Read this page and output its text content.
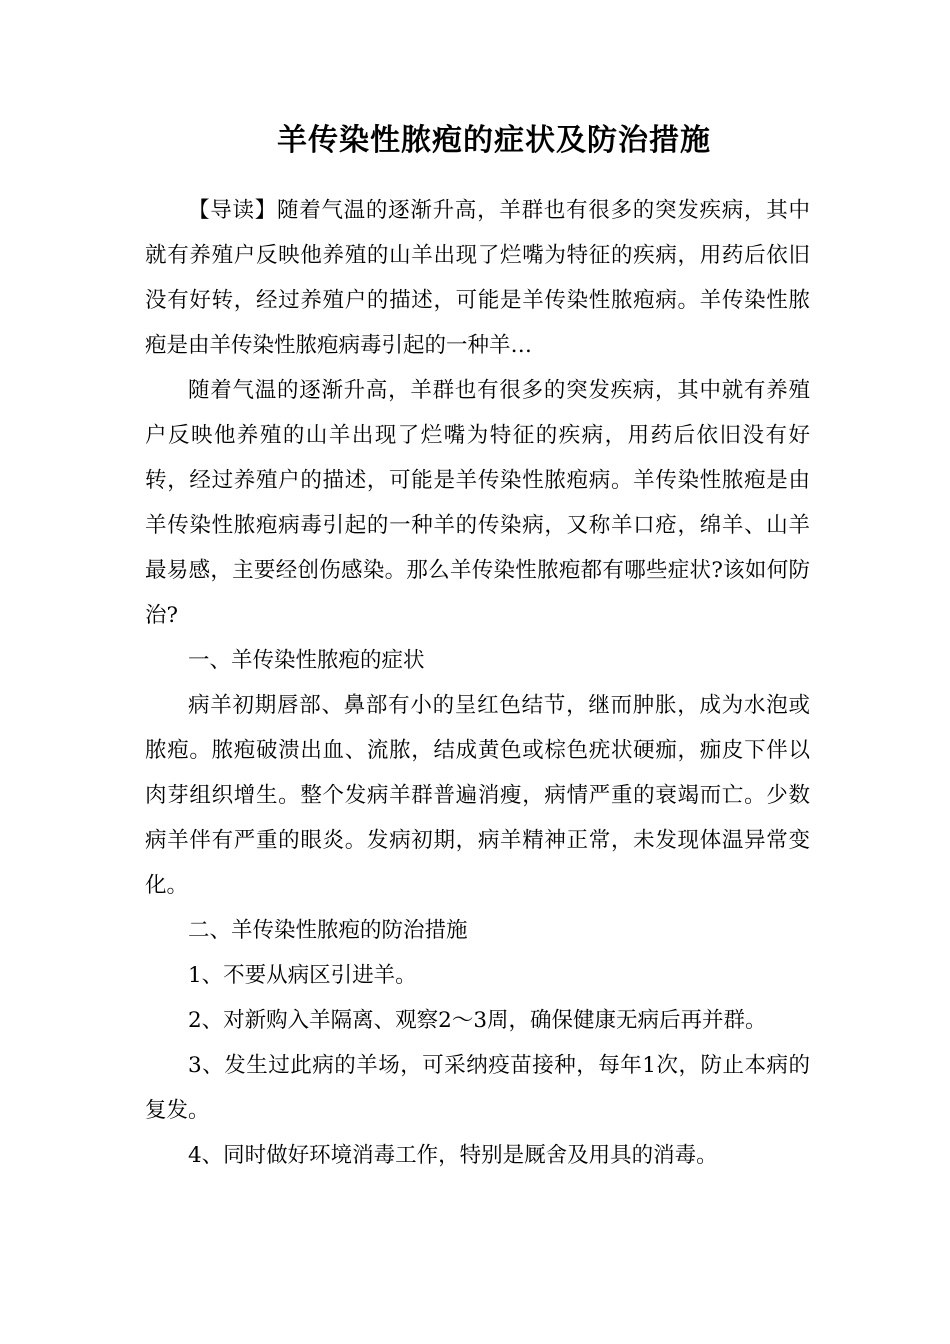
羊传染性脓疱的症状及防治措施

【导读】随着气温的逐渐升高，羊群也有很多的突发疾病，其中就有养殖户反映他养殖的山羊出现了烂嘴为特征的疾病，用药后依旧没有好转，经过养殖户的描述，可能是羊传染性脓疱病。羊传染性脓疱是由羊传染性脓疱病毒引起的一种羊…

随着气温的逐渐升高，羊群也有很多的突发疾病，其中就有养殖户反映他养殖的山羊出现了烂嘴为特征的疾病，用药后依旧没有好转，经过养殖户的描述，可能是羊传染性脓疱病。羊传染性脓疱是由羊传染性脓疱病毒引起的一种羊的传染病，又称羊口疮，绵羊、山羊最易感，主要经创伤感染。那么羊传染性脓疱都有哪些症状?该如何防治?

一、羊传染性脓疱的症状

病羊初期唇部、鼻部有小的呈红色结节，继而肿胀，成为水泡或脓疱。脓疱破溃出血、流脓，结成黄色或棕色疣状硬痂，痂皮下伴以肉芽组织增生。整个发病羊群普遍消瘦，病情严重的衰竭而亡。少数病羊伴有严重的眼炎。发病初期，病羊精神正常，未发现体温异常变化。

二、羊传染性脓疱的防治措施

1、不要从病区引进羊。

2、对新购入羊隔离、观察2～3周，确保健康无病后再并群。

3、发生过此病的羊场，可采纳疫苗接种，每年1次，防止本病的复发。

4、同时做好环境消毒工作，特别是厩舍及用具的消毒。
